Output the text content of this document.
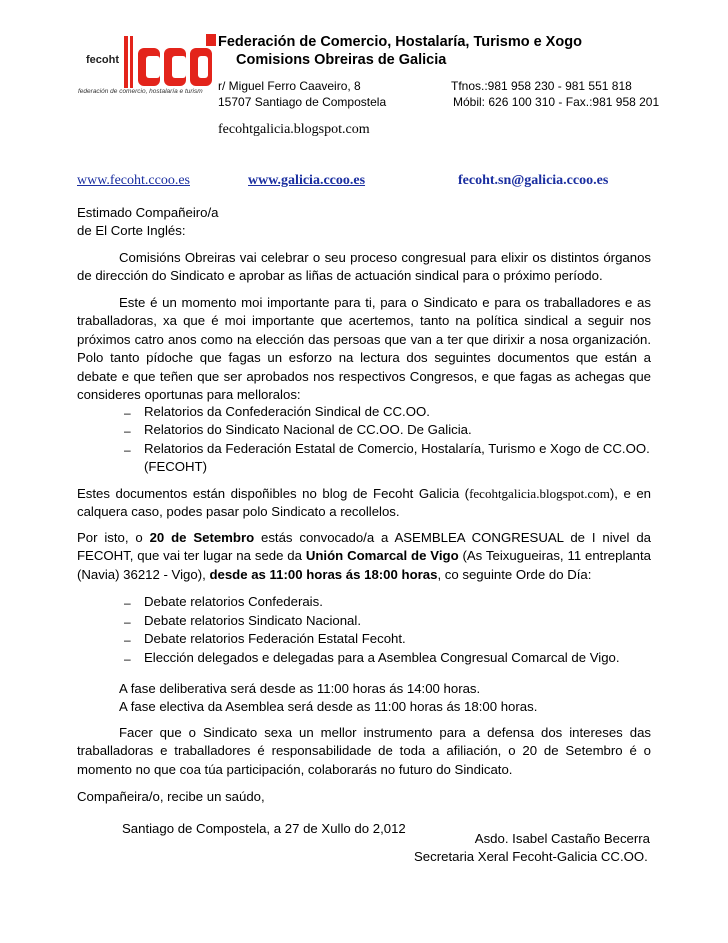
fecoht
federación de comercio, hostalaría e turism
Federación de Comercio, Hostalaría, Turismo e Xogo
Comisions Obreiras de Galicia
r/ Miguel Ferro Caaveiro, 8
15707 Santiago de Compostela
Tfnos.:981 958 230 - 981 551 818
Móbil: 626 100 310 - Fax.:981 958 201
fecohtgalicia.blogspot.com
www.fecoht.ccoo.es	www.galicia.ccoo.es	fecoht.sn@galicia.ccoo.es
Estimado Compañeiro/a
de El Corte Inglés:
Comisións Obreiras vai celebrar o seu proceso congresual para elixir os distintos órganos de dirección do Sindicato e aprobar as liñas de actuación sindical para o próximo período.
Este é un momento moi importante para ti, para o Sindicato e para os traballadores e as traballadoras, xa que é moi importante que acertemos, tanto na política sindical a seguir nos próximos catro anos como na elección das persoas que van a ter que dirixir a nosa organización. Polo tanto pídoche que fagas un esforzo na lectura dos seguintes documentos que están a debate e que teñen que ser aprobados nos respectivos Congresos, e que fagas as achegas que consideres oportunas para melloralos:
– Relatorios da Confederación Sindical de CC.OO.
– Relatorios do Sindicato Nacional de CC.OO. De Galicia.
– Relatorios da Federación Estatal de Comercio, Hostalaría, Turismo e Xogo de CC.OO. (FECOHT)
Estes documentos están dispoñibles no blog de Fecoht Galicia (fecohtgalicia.blogspot.com), e en calquera caso, podes pasar polo Sindicato a recollelos.
Por isto, o 20 de Setembro estás convocado/a a ASEMBLEA CONGRESUAL de I nivel da FECOHT, que vai ter lugar na sede da Unión Comarcal de Vigo (As Teixugueiras, 11 entreplanta (Navia) 36212 - Vigo), desde as 11:00 horas ás 18:00 horas, co seguinte Orde do Día:
– Debate relatorios Confederais.
– Debate relatorios Sindicato Nacional.
– Debate relatorios Federación Estatal Fecoht.
– Elección delegados e delegadas para a Asemblea Congresual Comarcal de Vigo.
A fase deliberativa será desde as 11:00 horas ás 14:00 horas.
A fase electiva da Asemblea será desde as 11:00 horas ás 18:00 horas.
Facer que o Sindicato sexa un mellor instrumento para a defensa dos intereses das traballadoras e traballadores é responsabilidade de toda a afiliación, o 20 de Setembro é o momento no que coa túa participación, colaborarás no futuro do Sindicato.
Compañeira/o, recibe un saúdo,
Santiago de Compostela, a 27 de Xullo do 2,012
Asdo. Isabel Castaño Becerra
Secretaria Xeral Fecoht-Galicia CC.OO.
